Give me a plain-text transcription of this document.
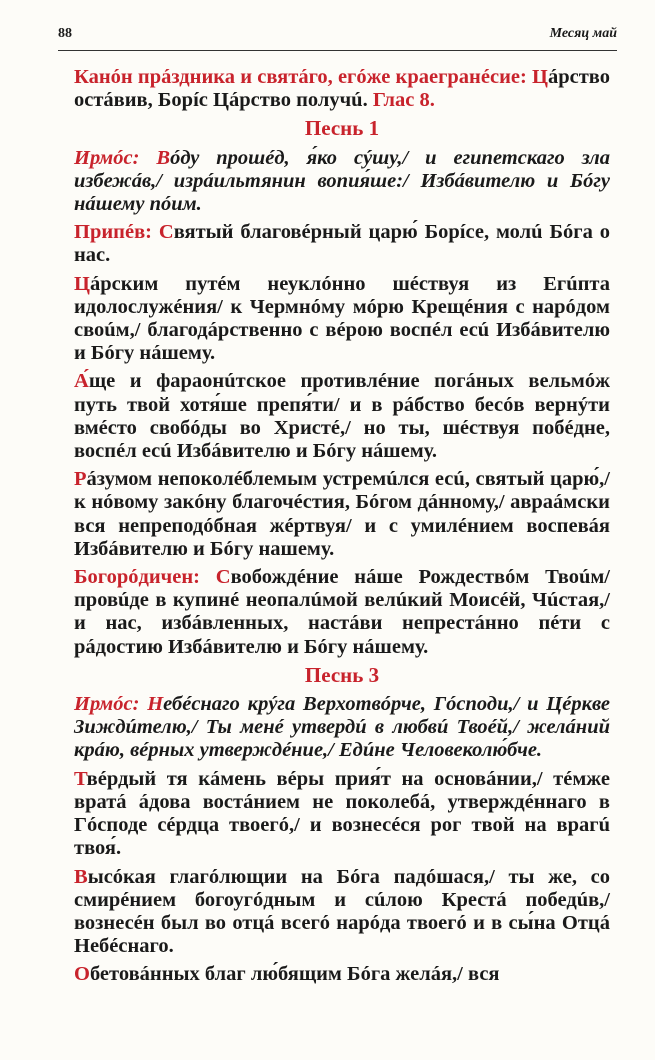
88	Месяц май

Канóн прáздника и святáго, егóже краегранéсие: Цáрство остáвив, Борíс Цáрство получú. Глас 8.

Песнь 1

Ирмóс: Вóду прошéд, я́ко сýшу,/ и египетскаго зла избежáв,/ изрáильтянин вопия́ше:/ Избáвителю и Бóгу нáшему пóим.

Припéв: Святый благовéрный царю́ Борíсе, молú Бóга о нас.

Цáрским путéм неуклóнно шéствуя из Егúпта идолослужéния/ к Чермнóму мóрю Крещéния с нарóдом своúм,/ благодáрственно с вéрою воспéл есú Избáвителю и Бóгу нáшему.

А́ще и фараонúтское противлéние погáных вельмóж путь твой хотя́ше препя́ти/ и в рáбство бесóв вернýти вмéсто свобóды во Христé,/ но ты, шéствуя побéдне, воспéл есú Избáвителю и Бóгу нáшему.

Рáзумом непоколéблемым устремúлся есú, святый царю́,/ к нóвому закóну благочéстия, Бóгом дáнному,/ авраáмски вся непреподóбная жéртвуя/ и с умилéнием воспевáя Избáвителю и Бóгу нашему.

Богорóдичен: Свобождéние нáше Рождествóм Твоúм/ провúде в купинé неопалúмой велúкий Моисéй, Чúстая,/ и нас, избáвленных, настáви непрестáнно пéти с рáдостию Избáвителю и Бóгу нáшему.

Песнь 3

Ирмóс: Небéснаго крýга Верхотвóрче, Гóсподи,/ и Цéркве Зиждúтелю,/ Ты менé утвердú в любвú Твоéй,/ желáний крáю, вéрных утверждéние,/ Едúне Человеколю́бче.

Твéрдый тя кáмень вéры прия́т на основáнии,/ тéмже вратá áдова востáнием не поколебá, утверждéннаго в Гóсподе сéрдца твоегó,/ и вознесéся рог твой на врагú твоя́.

Высóкая глагóлющии на Бóга падóшася,/ ты же, со смирéнием богоугóдным и сúлою Крестá победúв,/ вознесéн был во отцá всегó нарóда твоегó и в сы́на Отцá Небéснаго.

Обетовáнных благ лю́бящим Бóга желáя,/ вся
